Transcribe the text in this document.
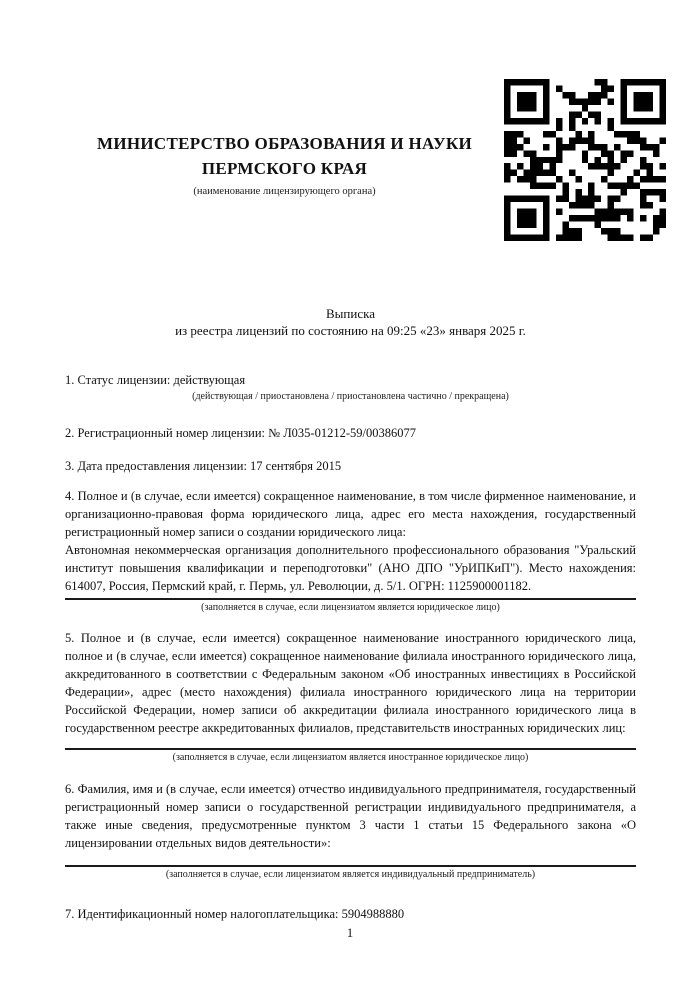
МИНИСТЕРСТВО ОБРАЗОВАНИЯ И НАУКИ
ПЕРМСКОГО КРАЯ
(наименование лицензирующего органа)
Выписка
из реестра лицензий по состоянию на 09:25 «23» января 2025 г.
1. Статус лицензии: действующая

(действующая / приостановлена / приостановлена частично / прекращена)

2. Регистрационный номер лицензии: № Л035-01212-59/00386077
3. Дата предоставления лицензии: 17 сентября 2015

4. Полное и (в случае, если имеется) сокращенное наименование, в том числе фирменное наименование, и организационно-правовая форма юридического лица, адрес его места нахождения, государственный регистрационный номер записи о создании юридического лица:

Автономная некоммерческая организация дополнительного профессионального образования "Уральский институт повышения квалификации и переподготовки" (АНО ДПО "УрИПКиП"). Место нахождения: 614007, Россия, Пермский край, г. Пермь, ул. Революции, д. 5/1. ОГРН: 1125900001182.

(заполняется в случае, если лицензиатом является юридическое лицо)

5. Полное и (в случае, если имеется) сокращенное наименование иностранного юридического лица, полное и (в случае, если имеется) сокращенное наименование филиала иностранного юридического лица, аккредитованного в соответствии с Федеральным законом «Об иностранных инвестициях в Российской Федерации», адрес (место нахождения) филиала иностранного юридического лица на территории Российской Федерации, номер записи об аккредитации филиала иностранного юридического лица в государственном реестре аккредитованных филиалов, представительств иностранных юридических лиц:

(заполняется в случае, если лицензиатом является иностранное юридическое лицо)

6. Фамилия, имя и (в случае, если имеется) отчество индивидуального предпринимателя, государственный регистрационный номер записи о государственной регистрации индивидуального предпринимателя, а также иные сведения, предусмотренные пунктом 3 части 1 статьи 15 Федерального закона «О лицензировании отдельных видов деятельности»:

(заполняется в случае, если лицензиатом является индивидуальный предприниматель)

7. Идентификационный номер налогоплательщика: 5904988880
1
